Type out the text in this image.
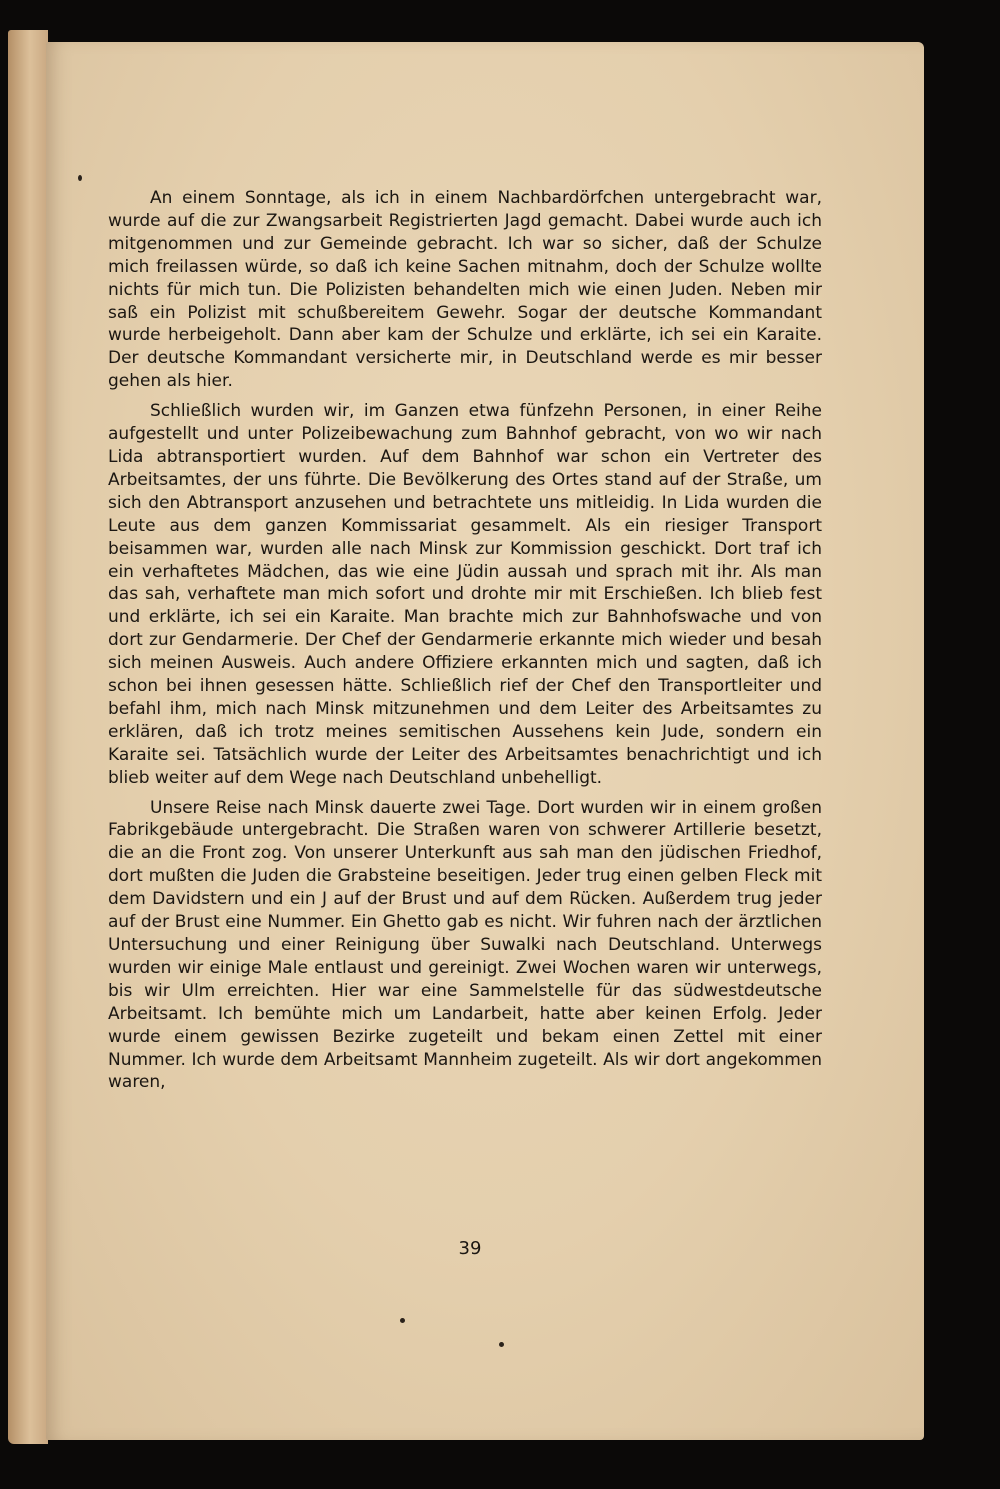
An einem Sonntage, als ich in einem Nachbardörfchen untergebracht war, wurde auf die zur Zwangsarbeit Registrierten Jagd gemacht. Dabei wurde auch ich mitgenommen und zur Gemeinde gebracht. Ich war so sicher, daß der Schulze mich freilassen würde, so daß ich keine Sachen mitnahm, doch der Schulze wollte nichts für mich tun. Die Polizisten behandelten mich wie einen Juden. Neben mir saß ein Polizist mit schußbereitem Gewehr. Sogar der deutsche Kommandant wurde herbeigeholt. Dann aber kam der Schulze und erklärte, ich sei ein Karaite. Der deutsche Kommandant versicherte mir, in Deutschland werde es mir besser gehen als hier.

Schließlich wurden wir, im Ganzen etwa fünfzehn Personen, in einer Reihe aufgestellt und unter Polizeibewachung zum Bahnhof gebracht, von wo wir nach Lida abtransportiert wurden. Auf dem Bahnhof war schon ein Vertreter des Arbeitsamtes, der uns führte. Die Bevölkerung des Ortes stand auf der Straße, um sich den Abtransport anzusehen und betrachtete uns mitleidig. In Lida wurden die Leute aus dem ganzen Kommissariat gesammelt. Als ein riesiger Transport beisammen war, wurden alle nach Minsk zur Kommission geschickt. Dort traf ich ein verhaftetes Mädchen, das wie eine Jüdin aussah und sprach mit ihr. Als man das sah, verhaftete man mich sofort und drohte mir mit Erschießen. Ich blieb fest und erklärte, ich sei ein Karaite. Man brachte mich zur Bahnhofswache und von dort zur Gendarmerie. Der Chef der Gendarmerie erkannte mich wieder und besah sich meinen Ausweis. Auch andere Offiziere erkannten mich und sagten, daß ich schon bei ihnen gesessen hätte. Schließlich rief der Chef den Transportleiter und befahl ihm, mich nach Minsk mitzunehmen und dem Leiter des Arbeitsamtes zu erklären, daß ich trotz meines semitischen Aussehens kein Jude, sondern ein Karaite sei. Tatsächlich wurde der Leiter des Arbeitsamtes benachrichtigt und ich blieb weiter auf dem Wege nach Deutschland unbehelligt.

Unsere Reise nach Minsk dauerte zwei Tage. Dort wurden wir in einem großen Fabrikgebäude untergebracht. Die Straßen waren von schwerer Artillerie besetzt, die an die Front zog. Von unserer Unterkunft aus sah man den jüdischen Friedhof, dort mußten die Juden die Grabsteine beseitigen. Jeder trug einen gelben Fleck mit dem Davidstern und ein J auf der Brust und auf dem Rücken. Außerdem trug jeder auf der Brust eine Nummer. Ein Ghetto gab es nicht. Wir fuhren nach der ärztlichen Untersuchung und einer Reinigung über Suwalki nach Deutschland. Unterwegs wurden wir einige Male entlaust und gereinigt. Zwei Wochen waren wir unterwegs, bis wir Ulm erreichten. Hier war eine Sammelstelle für das südwestdeutsche Arbeitsamt. Ich bemühte mich um Landarbeit, hatte aber keinen Erfolg. Jeder wurde einem gewissen Bezirke zugeteilt und bekam einen Zettel mit einer Nummer. Ich wurde dem Arbeitsamt Mannheim zugeteilt. Als wir dort angekommen waren,

39
